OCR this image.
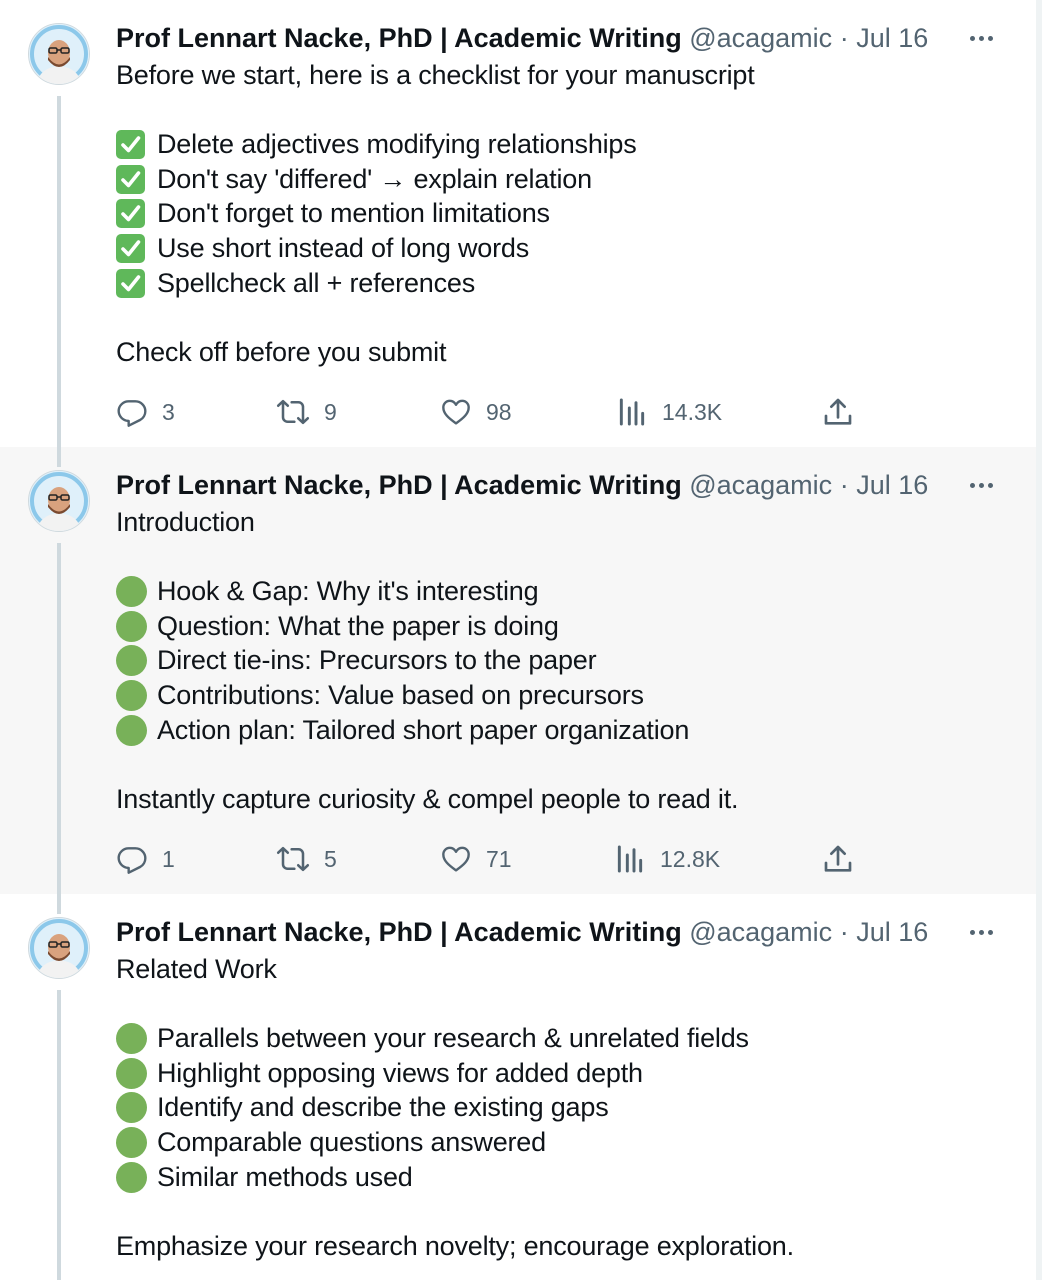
Prof Lennart Nacke, PhD | Academic Writing @acagamic · Jul 16
Before we start, here is a checklist for your manuscript
Delete adjectives modifying relationships
Don't say 'differed' → explain relation
Don't forget to mention limitations
Use short instead of long words
Spellcheck all + references
Check off before you submit
3	9	98	14.3K
Prof Lennart Nacke, PhD | Academic Writing @acagamic · Jul 16
Introduction
Hook & Gap: Why it's interesting
Question: What the paper is doing
Direct tie-ins: Precursors to the paper
Contributions: Value based on precursors
Action plan: Tailored short paper organization
Instantly capture curiosity & compel people to read it.
1	5	71	12.8K
Prof Lennart Nacke, PhD | Academic Writing @acagamic · Jul 16
Related Work
Parallels between your research & unrelated fields
Highlight opposing views for added depth
Identify and describe the existing gaps
Comparable questions answered
Similar methods used
Emphasize your research novelty; encourage exploration.
